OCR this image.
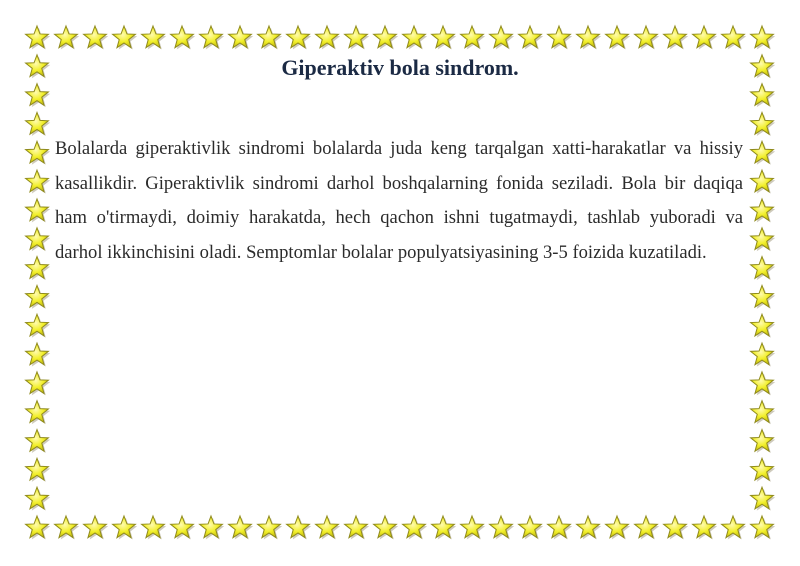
Giperaktiv bola sindrom.

Bolalarda giperaktivlik sindromi bolalarda juda keng tarqalgan xatti-harakatlar va hissiy kasallikdir. Giperaktivlik sindromi darhol boshqalarning fonida seziladi. Bola bir daqiqa ham o'tirmaydi, doimiy harakatda, hech qachon ishni tugatmaydi, tashlab yuboradi va darhol ikkinchisini oladi. Semptomlar bolalar populyatsiyasining 3-5 foizida kuzatiladi.
